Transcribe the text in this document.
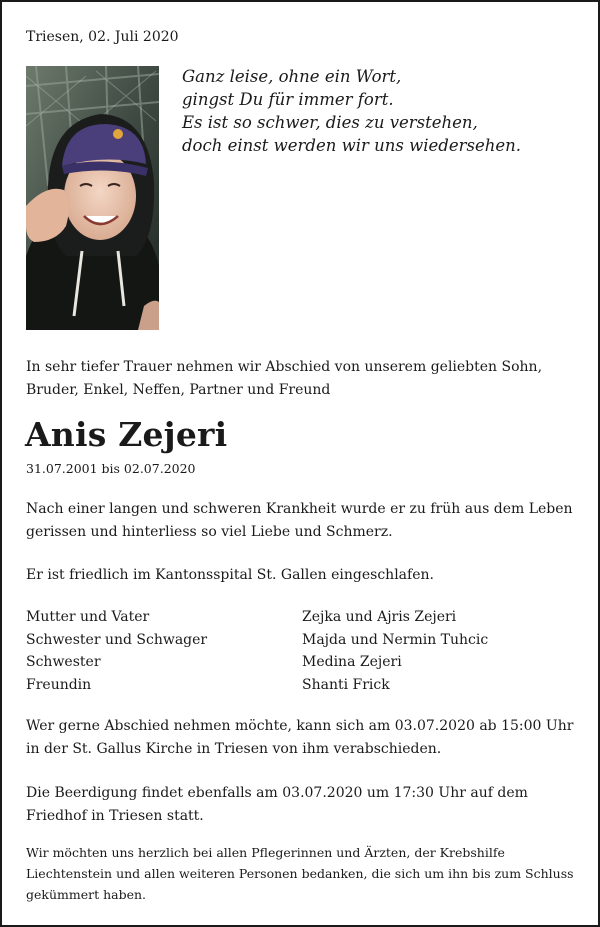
Triesen, 02. Juli 2020
Ganz leise, ohne ein Wort,
gingst Du für immer fort.
Es ist so schwer, dies zu verstehen,
doch einst werden wir uns wiedersehen.
In sehr tiefer Trauer nehmen wir Abschied von unserem geliebten Sohn,
Bruder, Enkel, Neffen, Partner und Freund
Anis Zejeri
31.07.2001 bis 02.07.2020
Nach einer langen und schweren Krankheit wurde er zu früh aus dem Leben
gerissen und hinterliess so viel Liebe und Schmerz.
Er ist friedlich im Kantonsspital St. Gallen eingeschlafen.
Mutter und Vater	Zejka und Ajris Zejeri
Schwester und Schwager	Majda und Nermin Tuhcic
Schwester	Medina Zejeri
Freundin	Shanti Frick
Wer gerne Abschied nehmen möchte, kann sich am 03.07.2020 ab 15:00 Uhr
in der St. Gallus Kirche in Triesen von ihm verabschieden.
Die Beerdigung findet ebenfalls am 03.07.2020 um 17:30 Uhr auf dem
Friedhof in Triesen statt.
Wir möchten uns herzlich bei allen Pflegerinnen und Ärzten, der Krebshilfe
Liechtenstein und allen weiteren Personen bedanken, die sich um ihn bis zum Schluss
gekümmert haben.
